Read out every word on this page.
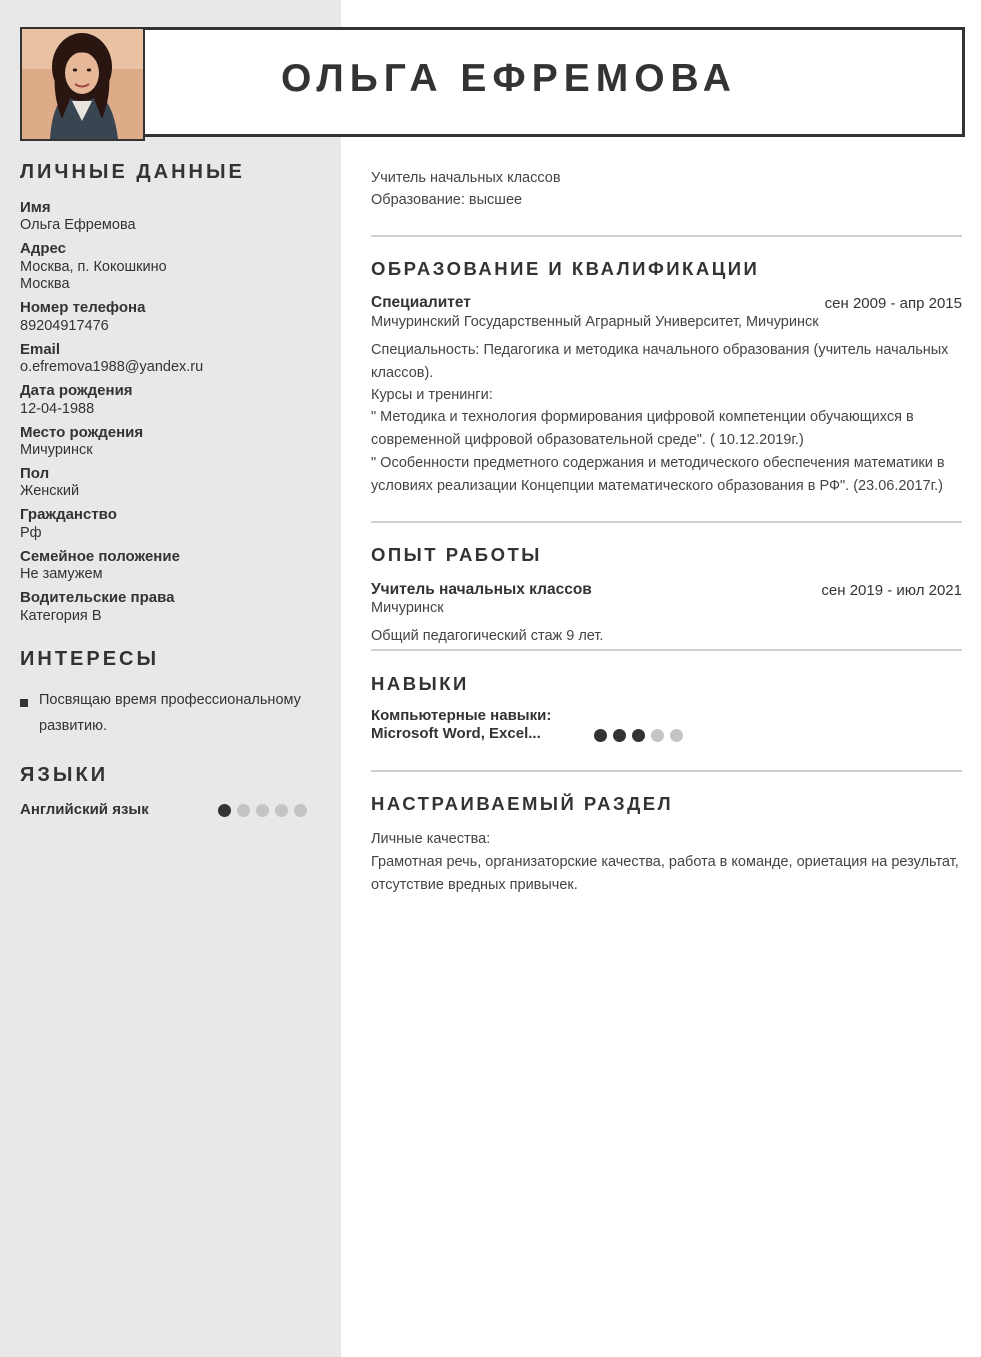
ОЛЬГА ЕФРЕМОВА
ЛИЧНЫЕ ДАННЫЕ
Имя
Ольга Ефремова
Адрес
Москва, п. Кокошкино
Москва
Номер телефона
89204917476
Email
o.efremova1988@yandex.ru
Дата рождения
12-04-1988
Место рождения
Мичуринск
Пол
Женский
Гражданство
Рф
Семейное положение
Не замужем
Водительские права
Категория B
ИНТЕРЕСЫ
Посвящаю время профессиональному развитию.
ЯЗЫКИ
Английский язык
Учитель начальных классов
Образование: высшее
ОБРАЗОВАНИЕ И КВАЛИФИКАЦИИ
Специалитет	сен 2009 - апр 2015
Мичуринский Государственный Аграрный Университет, Мичуринск
Специальность: Педагогика и методика начального образования (учитель начальных классов).
Курсы и тренинги:
" Методика и технология формирования цифровой компетенции обучающихся в современной цифровой образовательной среде". ( 10.12.2019г.)
" Особенности предметного содержания и методического обеспечения математики в условиях реализации Концепции математического образования в РФ". (23.06.2017г.)
ОПЫТ РАБОТЫ
Учитель начальных классов	сен 2019 - июл 2021
Мичуринск
Общий педагогический стаж 9 лет.
НАВЫКИ
Компьютерные навыки:
Microsoft Word, Excel...
НАСТРАИВАЕМЫЙ РАЗДЕЛ
Личные качества:
Грамотная речь, организаторские качества, работа в команде, ориетация на результат, отсутствие вредных привычек.
